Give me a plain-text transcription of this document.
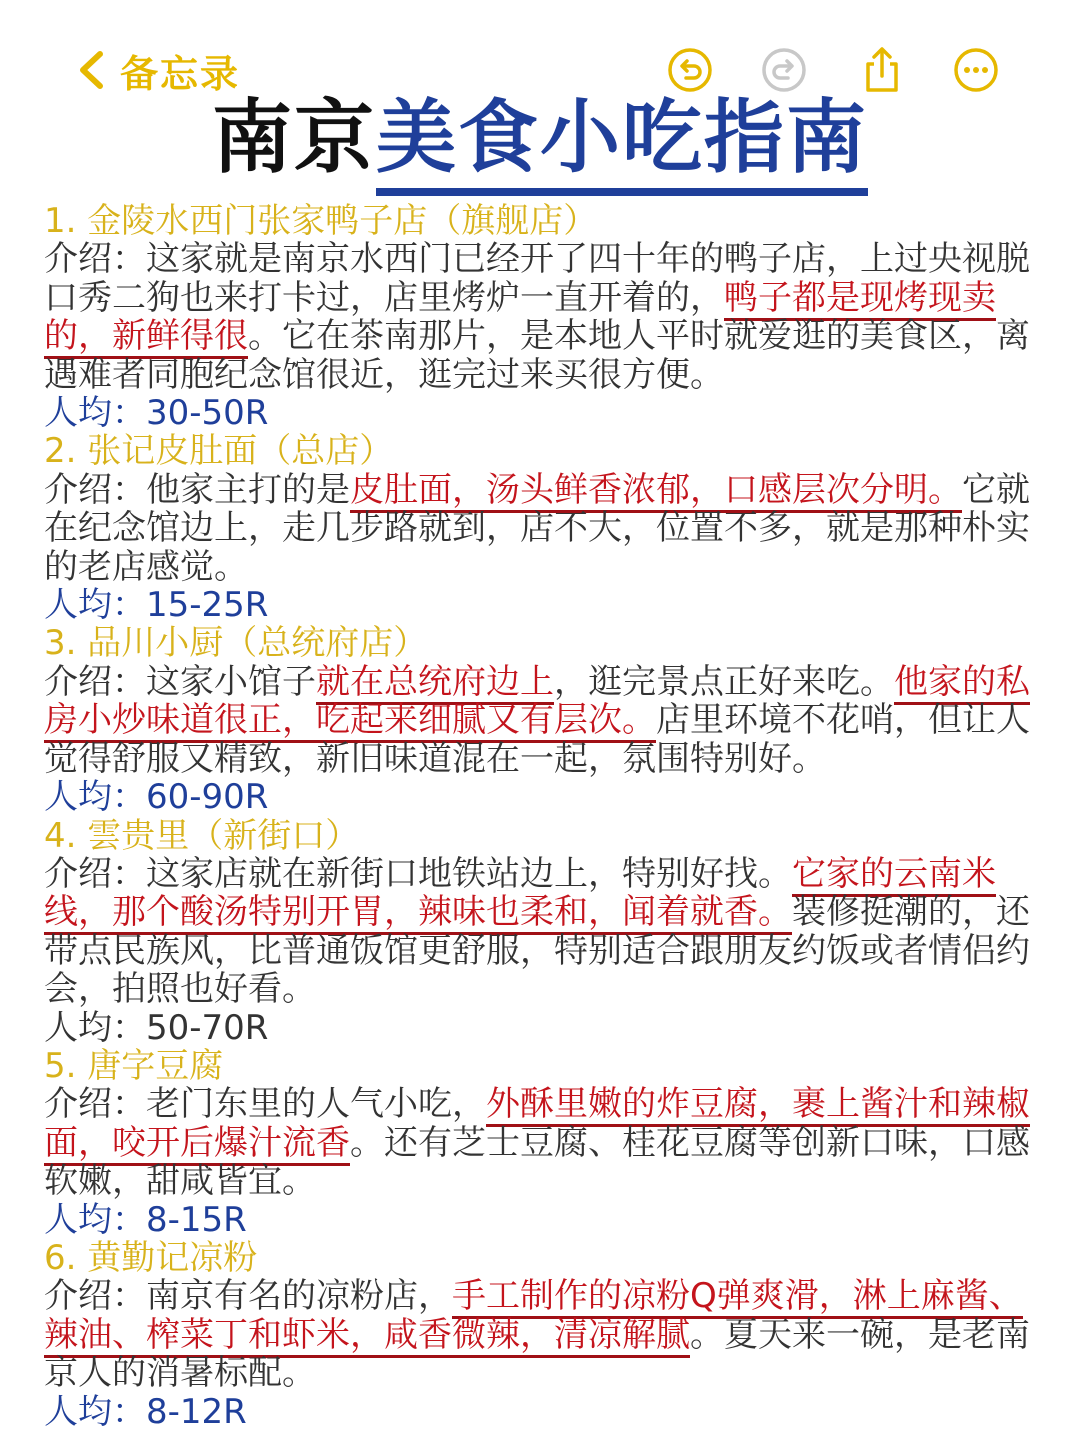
备忘录
南京美食小吃指南
1. 金陵水西门张家鸭子店（旗舰店）
介绍：这家就是南京水西门已经开了四十年的鸭子店，上过央视脱口秀二狗也来打卡过，店里烤炉一直开着的，鸭子都是现烤现卖的，新鲜得很。它在茶南那片，是本地人平时就爱逛的美食区，离遇难者同胞纪念馆很近，逛完过来买很方便。
人均：30-50R
2. 张记皮肚面（总店）
介绍：他家主打的是皮肚面，汤头鲜香浓郁，口感层次分明。它就在纪念馆边上，走几步路就到，店不大，位置不多，就是那种朴实的老店感觉。
人均：15-25R
3. 品川小厨（总统府店）
介绍：这家小馆子就在总统府边上，逛完景点正好来吃。他家的私房小炒味道很正，吃起来细腻又有层次。店里环境不花哨，但让人觉得舒服又精致，新旧味道混在一起，氛围特别好。
人均：60-90R
4. 雲贵里（新街口）
介绍：这家店就在新街口地铁站边上，特别好找。它家的云南米线，那个酸汤特别开胃，辣味也柔和，闻着就香。装修挺潮的，还带点民族风，比普通饭馆更舒服，特别适合跟朋友约饭或者情侣约会，拍照也好看。
人均：50-70R
5. 唐字豆腐
介绍：老门东里的人气小吃，外酥里嫩的炸豆腐，裹上酱汁和辣椒面，咬开后爆汁流香。还有芝士豆腐、桂花豆腐等创新口味，口感软嫩，甜咸皆宜。
人均：8-15R
6. 黄勤记凉粉
介绍：南京有名的凉粉店，手工制作的凉粉Q弹爽滑，淋上麻酱、辣油、榨菜丁和虾米，咸香微辣，清凉解腻。夏天来一碗，是老南京人的消暑标配。
人均：8-12R
